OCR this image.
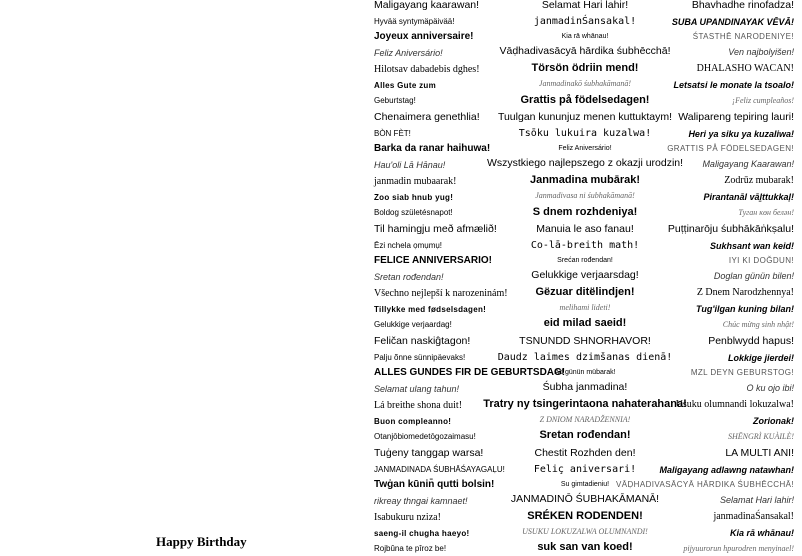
Happy Birthday
Maligayang kaarawan!
Hyvää syntymäpäivää!
Joyeux anniversaire!
Feliz Aniversário!
Hilotsav dabadebis dghes!
Alles Gute zum
Geburtstag!
Chenaimera genethlia!
BÒN FÈT!
Barka da ranar haihuwa!
Hau'oli Lā Hānau!
janmadin mubaarak!
Zoo siab hnub yug!
Boldog születésnapot!
Til hamingju með afmælið!
Ēzi nchela ọmụmụ!
FELICE ANNIVERSARIO!
Sretan rođendan!
Všechno nejlepší k narozeninám!
Tillykke med fødselsdagen!
Gelukkige verjaardag!
Feličan naskiĝtagon!
Palju õnne sünnipäevaks!
ALLES GUNDES FIR DE GEBURTSDAG!
Selamat ulang tahun!
Lá breithe shona duit!
Buon compleanno!
Otanjōbiomedetōgozaimasu!
Tuġeny tanggap warsa!
JANMADINADA ŚUBHĀŚAYAGAḶU!
Twġan kūnin̄ qutti bolsin!
rikreay thngai kamnaet!
Isabukuru nziza!
saeng-il chugha haeyo!
Rojbûna te pîroz be!
Selamat Hari lahir!
janmadinŚansakal!
Kia rā whānau!
Vāḍhadivasācyā hārdika śubhēcchā!
Törsön ödriin mend!
Janmadinakō śubhakāmanā!
Grattis på födelsedagen!
Tuulgan kununjuz menen kuttuktaym!
Tsōku lukuira kuzalwa!
Feliz Aniversário!
Wszystkiego najlepszego z okazji urodzin!
Janmadina mubārak!
Janmadivasa ni śubhakāmanā!
S dnem rozhdeniya!
Manuia le aso fanau!
Co-lā-breith math!
Srećan rođendan!
Gelukkige verjaarsdag!
Gëzuar ditëlindjen!
melihami lideti!
eid milad saeid!
TSNUNDD SHNORHAVOR!
Daudz laimes dzimšanas dienā!
Ad günün mübarak!
Śubha janmadina!
Tratry ny tsingerintaona nahaterahana!
Z DNIOM NARADŽENNIA!
Sretan rođendan!
Chestit Rozhden den!
Feliç aniversari!
Su gimtadieniu!
JANMADINŌ ŚUBHAKĀMANĀ!
SRÉKEN RODENDEN!
USUKU LOKUZALWA OLUMNANDI!
suk san van koed!
Bhavhadhe rinofadza!
SUBA UPANDINAYAK VĒVĀ!
ŚTASTHĒ NARODENIYE!
Ven najbolyišen!
DHALASHO WACAN!
Letsatsi le monate la tsoalo!
¡Feliz cumpleaños!
Walipareng tepiring lauri!
Heri ya siku ya kuzaliwa!
GRATTIS PÅ FÖDELSEDAGEN!
Maligayang Kaarawan!
Zodrūz mubarak!
Pirantanāl vāḻttukkaḷ!
Туган көн белән!
Puṭṭinarōju śubhākāṅkṣalu!
Sukhsant wan keid!
IYI KI DOĞDUN!
Doglan günün bilen!
Z Dnem Narodzhennya!
Tug'ilgan kuning bilan!
Chúc mừng sinh nhật!
Penblwydd hapus!
Lokkige jierdei!
MZL DEYN GEBURSTOG!
O ku ojo ibi!
Usuku olumnandi lokuzalwa!
Zorionak!
SHĒNGRÌ KUÀILÈ!
LA MULTI ANI!
Maligayang adlawng natawhan!
VĀḌHADIVASĀCYĀ HĀRDIKA ŚUBHĒCCHĀ!
Selamat Hari lahir!
janmadinaŚansakal!
Kia rā whānau!
pijyuurorun hpurodren menyinael!
